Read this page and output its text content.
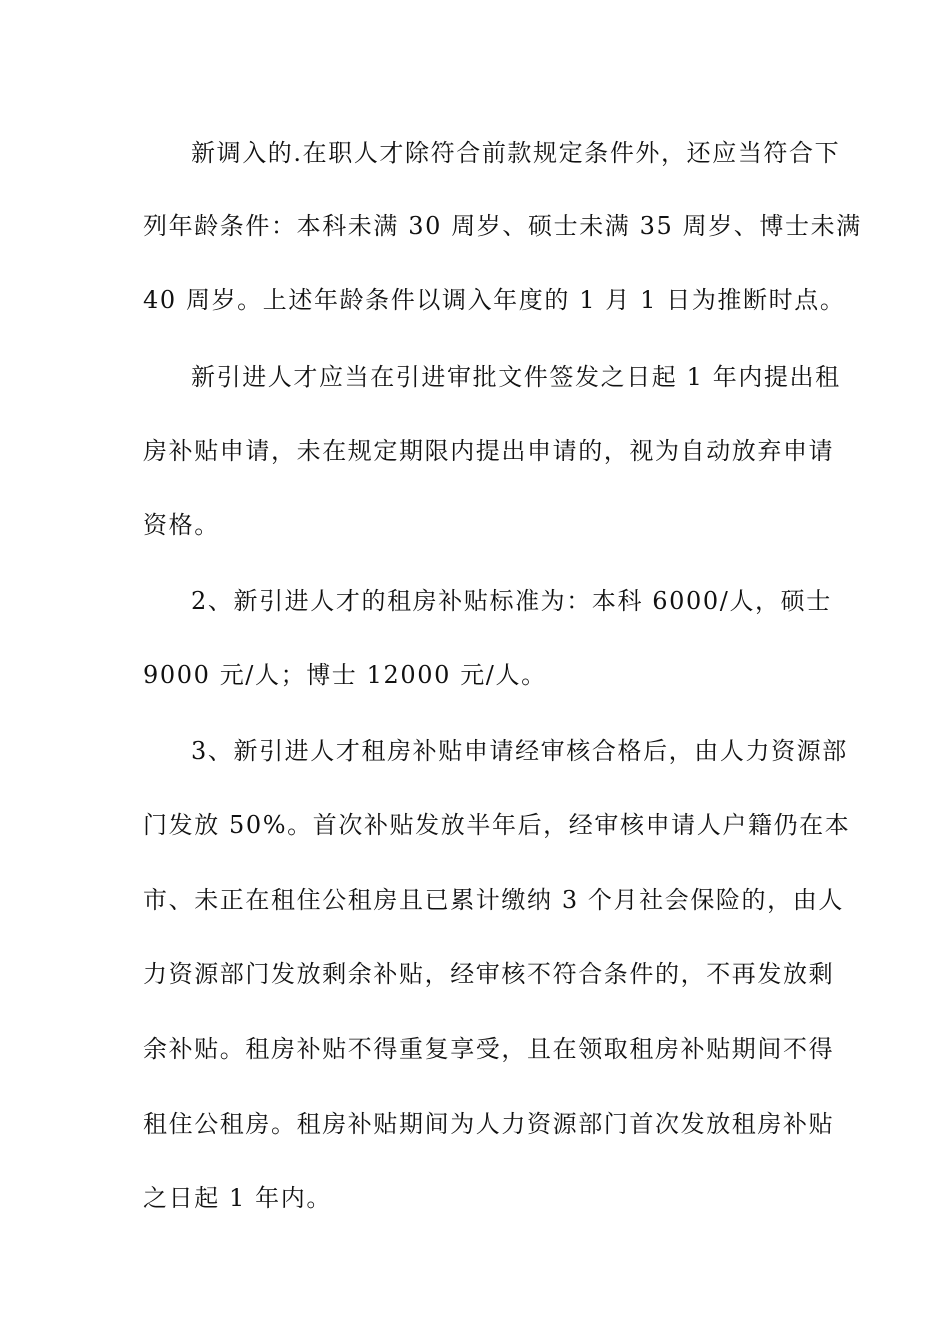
新调入的.在职人才除符合前款规定条件外，还应当符合下
列年龄条件：本科未满 30 周岁、硕士未满 35 周岁、博士未满
40 周岁。上述年龄条件以调入年度的 1 月 1 日为推断时点。
新引进人才应当在引进审批文件签发之日起 1 年内提出租
房补贴申请，未在规定期限内提出申请的，视为自动放弃申请
资格。
2、新引进人才的租房补贴标准为：本科 6000/人，硕士
9000 元/人；博士 12000 元/人。
3、新引进人才租房补贴申请经审核合格后，由人力资源部
门发放 50%。首次补贴发放半年后，经审核申请人户籍仍在本
市、未正在租住公租房且已累计缴纳 3 个月社会保险的，由人
力资源部门发放剩余补贴，经审核不符合条件的，不再发放剩
余补贴。租房补贴不得重复享受，且在领取租房补贴期间不得
租住公租房。租房补贴期间为人力资源部门首次发放租房补贴
之日起 1 年内。
